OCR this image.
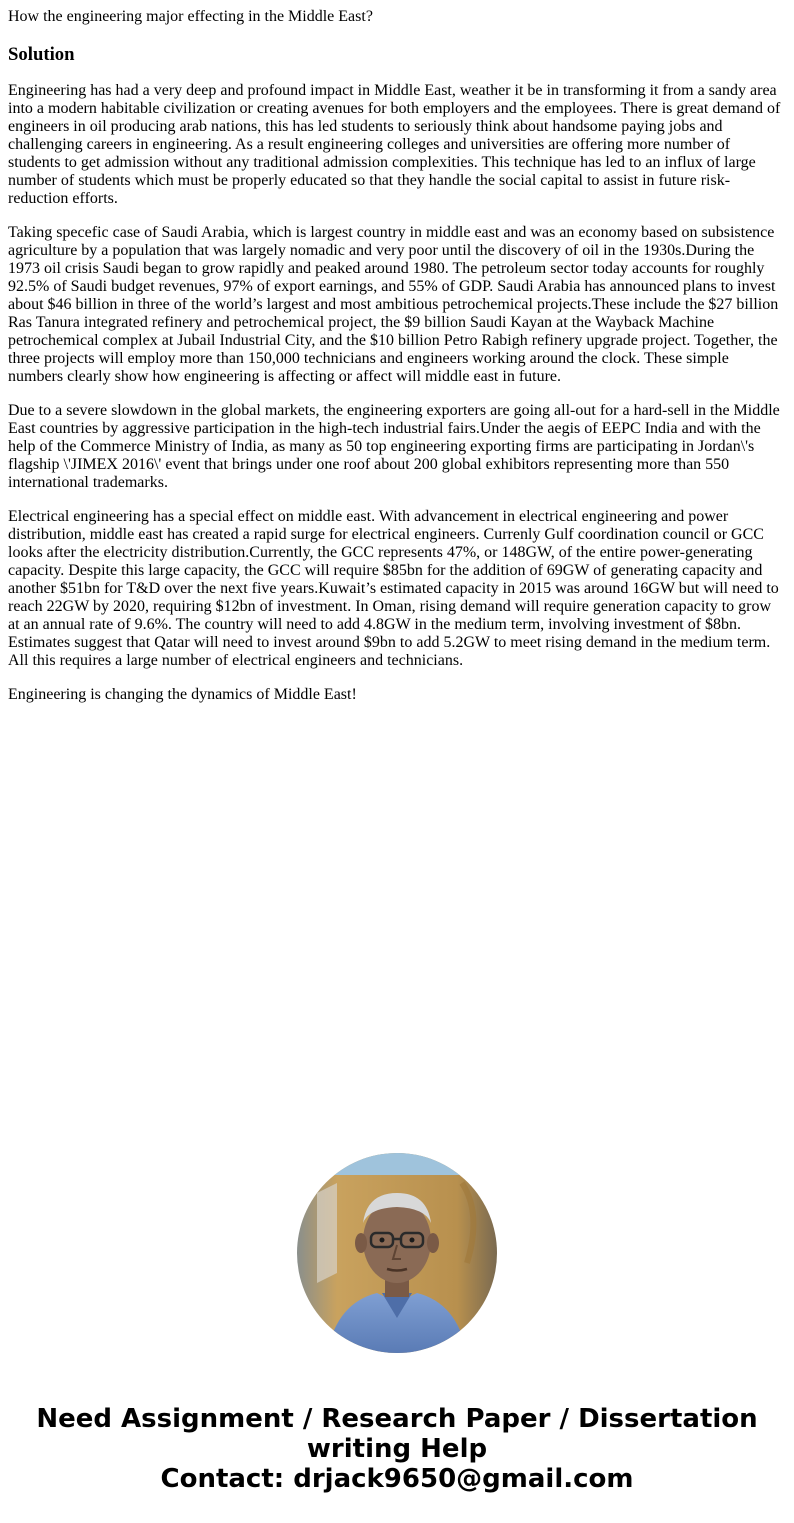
How the engineering major effecting in the Middle East?

Solution

Engineering has had a very deep and profound impact in Middle East, weather it be in transforming it from a sandy area into a modern habitable civilization or creating avenues for both employers and the employees. There is great demand of engineers in oil producing arab nations, this has led students to seriously think about handsome paying jobs and challenging careers in engineering. As a result engineering colleges and universities are offering more number of students to get admission without any traditional admission complexities. This technique has led to an influx of large number of students which must be properly educated so that they handle the social capital to assist in future risk-reduction efforts.

Taking specefic case of Saudi Arabia, which is largest country in middle east and was an economy based on subsistence agriculture by a population that was largely nomadic and very poor until the discovery of oil in the 1930s.During the 1973 oil crisis Saudi began to grow rapidly and peaked around 1980. The petroleum sector today accounts for roughly 92.5% of Saudi budget revenues, 97% of export earnings, and 55% of GDP. Saudi Arabia has announced plans to invest about $46 billion in three of the world’s largest and most ambitious petrochemical projects.These include the $27 billion Ras Tanura integrated refinery and petrochemical project, the $9 billion Saudi Kayan at the Wayback Machine petrochemical complex at Jubail Industrial City, and the $10 billion Petro Rabigh refinery upgrade project. Together, the three projects will employ more than 150,000 technicians and engineers working around the clock. These simple numbers clearly show how engineering is affecting or affect will middle east in future.

Due to a severe slowdown in the global markets, the engineering exporters are going all-out for a hard-sell in the Middle East countries by aggressive participation in the high-tech industrial fairs.Under the aegis of EEPC India and with the help of the Commerce Ministry of India, as many as 50 top engineering exporting firms are participating in Jordan\'s flagship \'JIMEX 2016\' event that brings under one roof about 200 global exhibitors representing more than 550 international trademarks.

Electrical engineering has a special effect on middle east. With advancement in electrical engineering and power distribution, middle east has created a rapid surge for electrical engineers. Currenly Gulf coordination council or GCC looks after the electricity distribution.Currently, the GCC represents 47%, or 148GW, of the entire power-generating capacity. Despite this large capacity, the GCC will require $85bn for the addition of 69GW of generating capacity and another $51bn for T&D over the next five years.Kuwait’s estimated capacity in 2015 was around 16GW but will need to reach 22GW by 2020, requiring $12bn of investment. In Oman, rising demand will require generation capacity to grow at an annual rate of 9.6%. The country will need to add 4.8GW in the medium term, involving investment of $8bn. Estimates suggest that Qatar will need to invest around $9bn to add 5.2GW to meet rising demand in the medium term. All this requires a large number of electrical engineers and technicians.

Engineering is changing the dynamics of Middle East!

Need Assignment / Research Paper / Dissertation
writing Help
Contact: drjack9650@gmail.com
